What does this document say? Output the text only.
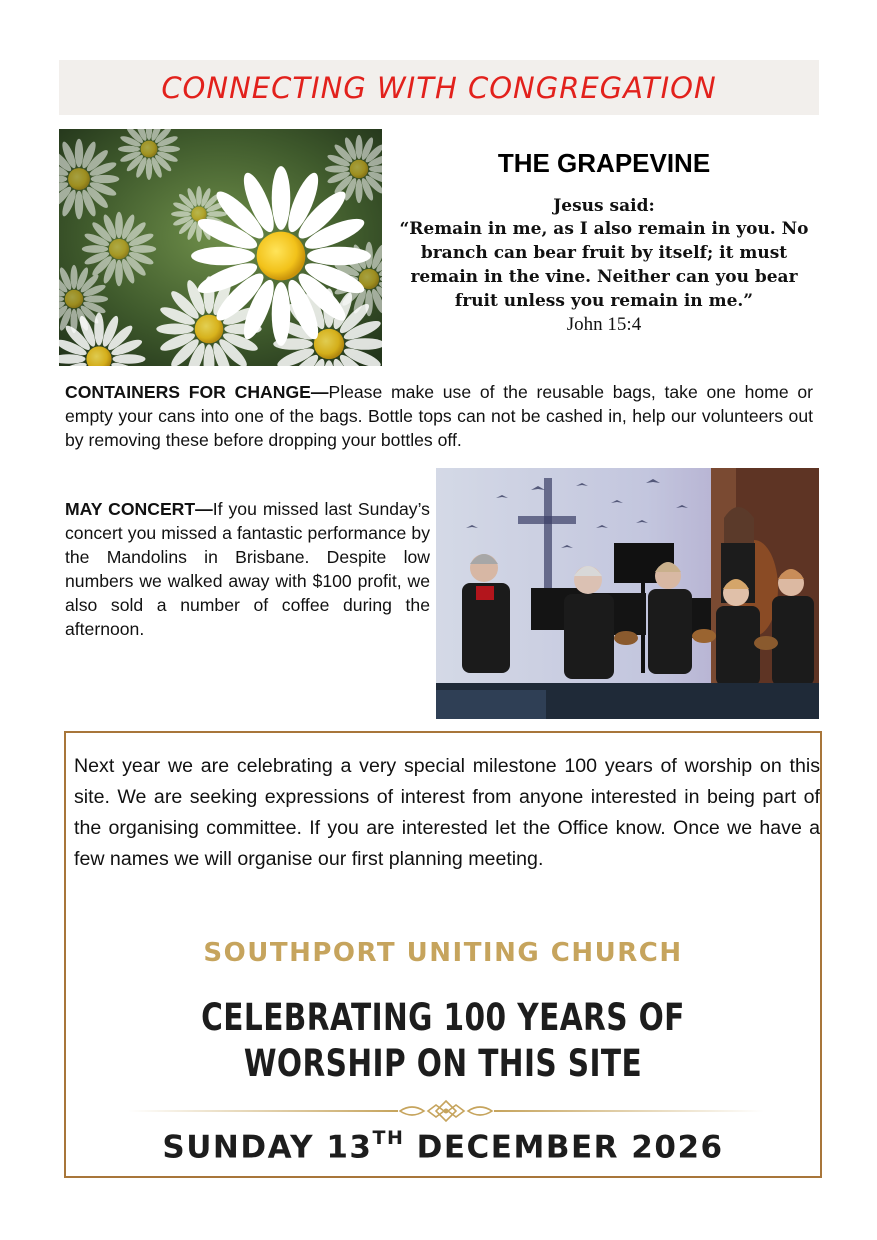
CONNECTING WITH CONGREGATION
THE GRAPEVINE

Jesus said:

“Remain in me, as I also remain in you. No branch can bear fruit by itself; it must remain in the vine. Neither can you bear fruit unless you remain in me.”

John 15:4

CONTAINERS FOR CHANGE—Please make use of the reusable bags, take one home or empty your cans into one of the bags. Bottle tops can not be cashed in, help our volunteers out by removing these before dropping your bottles off.

MAY CONCERT—If you missed last Sunday’s concert you missed a fantastic performance by the Mandolins in Brisbane. Despite low numbers we walked away with $100 profit, we also sold a number of coffee during the afternoon.

Next year we are celebrating a very special milestone 100 years of worship on this site. We are seeking expressions of interest from anyone interested in being part of the organising committee. If you are interested let the Office know. Once we have a few names we will organise our first planning meeting.

SOUTHPORT UNITING CHURCH
CELEBRATING 100 YEARS OF
WORSHIP ON THIS SITE
SUNDAY 13TH DECEMBER 2026
